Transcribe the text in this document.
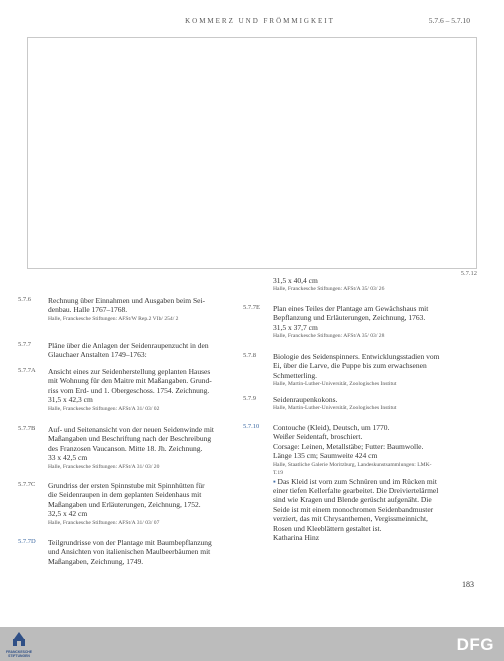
KOMMERZ UND FRÖMMIGKEIT	5.7.6 – 5.7.10
5.7.12
5.7.6	Rechnung über Einnahmen und Ausgaben beim Sei-
denbau. Halle 1767–1768.
Halle, Franckesche Stiftungen: AFSt/W Rep.2 VIb/ 254/ 2
5.7.7	Pläne über die Anlagen der Seidenraupenzucht in den
Glauchaer Anstalten 1749–1763:
5.7.7A	Ansicht eines zur Seidenherstellung geplanten Hauses
mit Wohnung für den Maitre mit Maßangaben. Grund-
riss vom Erd- und 1. Obergeschoss. 1754. Zeichnung.
31,5 x 42,3 cm
Halle, Franckesche Stiftungen: AFSt/A 31/ 03/ 02
5.7.7B	Auf- und Seitenansicht von der neuen Seidenwinde mit
Maßangaben und Beschriftung nach der Beschreibung
des Franzosen Vaucanson. Mitte 18. Jh. Zeichnung.
33 x 42,5 cm
Halle, Franckesche Stiftungen: AFSt/A 31/ 03/ 20
5.7.7C	Grundriss der ersten Spinnstube mit Spinnhütten für
die Seidenraupen in dem geplanten Seidenhaus mit
Maßangaben und Erläuterungen, Zeichnung, 1752.
32,5 x 42 cm
Halle, Franckesche Stiftungen: AFSt/A 31/ 03/ 07
5.7.7D	Teilgrundrisse von der Plantage mit Baumbepflanzung
und Ansichten von italienischen Maulbeerbäumen mit
Maßangaben, Zeichnung, 1749.
31,5 x 40,4 cm
Halle, Franckesche Stiftungen: AFSt/A 35/ 03/ 26
5.7.7E	Plan eines Teiles der Plantage am Gewächshaus mit
Bepflanzung und Erläuterungen, Zeichnung, 1763.
31,5 x 37,7 cm
Halle, Franckesche Stiftungen: AFSt/A 35/ 03/ 28
5.7.8	Biologie des Seidenspinners. Entwicklungsstadien vom
Ei, über die Larve, die Puppe bis zum erwachsenen
Schmetterling.
Halle, Martin-Luther-Universität, Zoologisches Institut
5.7.9	Seidenraupenkokons.
Halle, Martin-Luther-Universität, Zoologisches Institut
5.7.10	Contouche (Kleid), Deutsch, um 1770.
Weißer Seidentaft, broschiert.
Corsage: Leinen, Metallstäbe; Futter: Baumwolle.
Länge 135 cm; Saumweite 424 cm
Halle, Staatliche Galerie Moritzburg, Landeskunstsammlungen: LMK-
T.19
▪ Das Kleid ist vorn zum Schnüren und im Rücken mit
einer tiefen Kellerfalte gearbeitet. Die Dreiviertelärmel
sind wie Kragen und Blende gerüscht aufgenäht. Die
Seide ist mit einem monochromen Seidenbandmuster
verziert, das mit Chrysanthemen, Vergissmeinnicht,
Rosen und Kleeblättern gestaltet ist.
Katharina Hinz
183
FRANCKESCHE STIFTUNGEN
DFG
